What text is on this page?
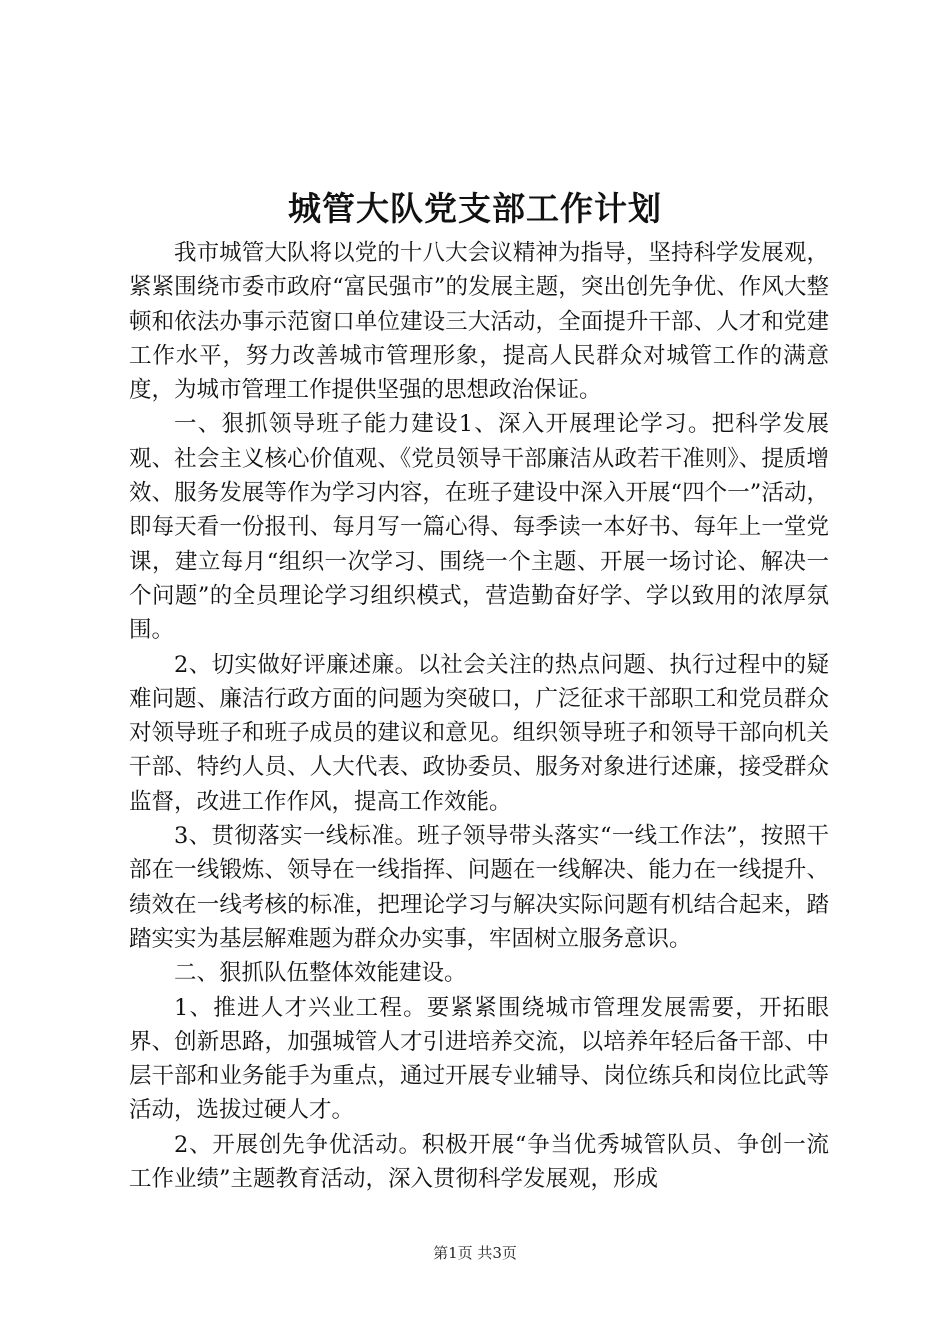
城管大队党支部工作计划

我市城管大队将以党的十八大会议精神为指导，坚持科学发展观，紧紧围绕市委市政府“富民强市”的发展主题，突出创先争优、作风大整顿和依法办事示范窗口单位建设三大活动，全面提升干部、人才和党建工作水平，努力改善城市管理形象，提高人民群众对城管工作的满意度，为城市管理工作提供坚强的思想政治保证。

一、狠抓领导班子能力建设1、深入开展理论学习。把科学发展观、社会主义核心价值观、《党员领导干部廉洁从政若干准则》、提质增效、服务发展等作为学习内容，在班子建设中深入开展“四个一”活动，即每天看一份报刊、每月写一篇心得、每季读一本好书、每年上一堂党课，建立每月“组织一次学习、围绕一个主题、开展一场讨论、解决一个问题”的全员理论学习组织模式，营造勤奋好学、学以致用的浓厚氛围。

2、切实做好评廉述廉。以社会关注的热点问题、执行过程中的疑难问题、廉洁行政方面的问题为突破口，广泛征求干部职工和党员群众对领导班子和班子成员的建议和意见。组织领导班子和领导干部向机关干部、特约人员、人大代表、政协委员、服务对象进行述廉，接受群众监督，改进工作作风，提高工作效能。

3、贯彻落实一线标准。班子领导带头落实“一线工作法”，按照干部在一线锻炼、领导在一线指挥、问题在一线解决、能力在一线提升、绩效在一线考核的标准，把理论学习与解决实际问题有机结合起来，踏踏实实为基层解难题为群众办实事，牢固树立服务意识。

二、狠抓队伍整体效能建设。

1、推进人才兴业工程。要紧紧围绕城市管理发展需要，开拓眼界、创新思路，加强城管人才引进培养交流，以培养年轻后备干部、中层干部和业务能手为重点，通过开展专业辅导、岗位练兵和岗位比武等活动，选拔过硬人才。

2、开展创先争优活动。积极开展“争当优秀城管队员、争创一流工作业绩”主题教育活动，深入贯彻科学发展观，形成

第1页 共3页
